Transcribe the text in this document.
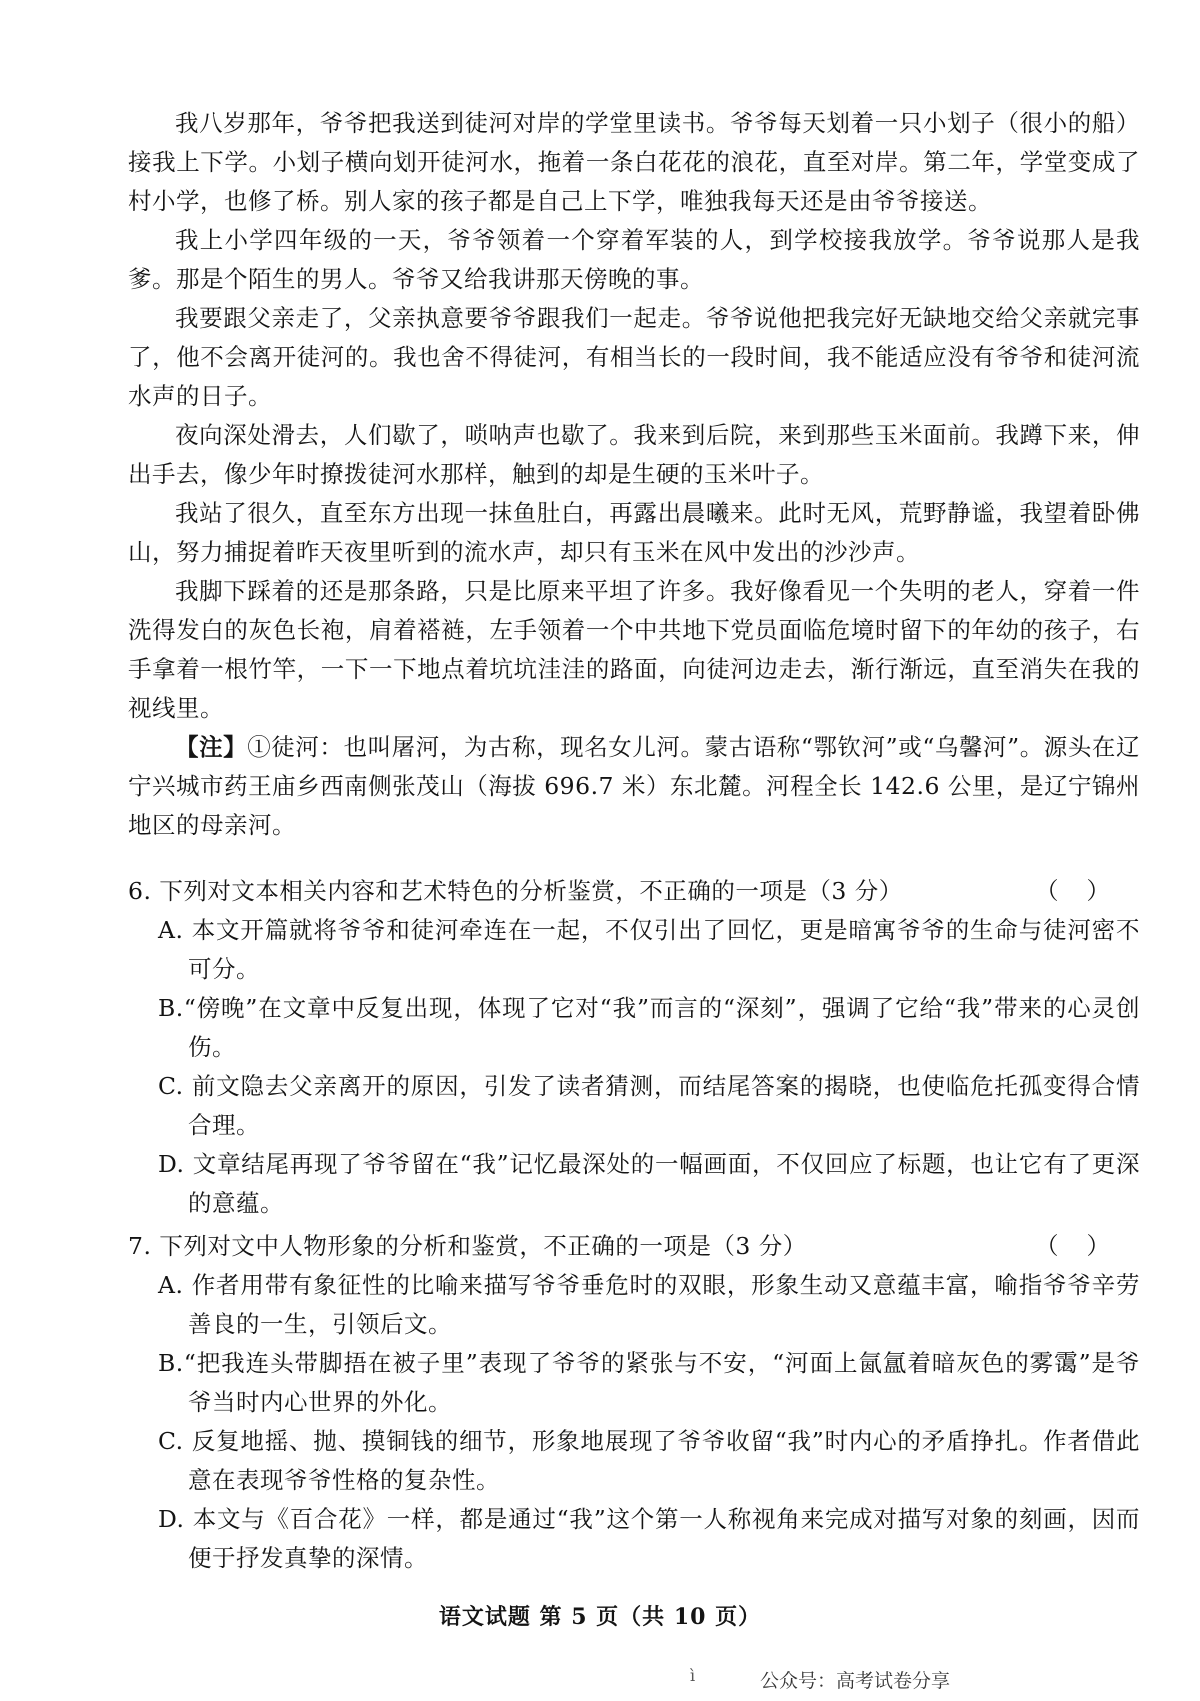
我八岁那年，爷爷把我送到徒河对岸的学堂里读书。爷爷每天划着一只小划子（很小的船）接我上下学。小划子横向划开徒河水，拖着一条白花花的浪花，直至对岸。第二年，学堂变成了村小学，也修了桥。别人家的孩子都是自己上下学，唯独我每天还是由爷爷接送。

我上小学四年级的一天，爷爷领着一个穿着军装的人，到学校接我放学。爷爷说那人是我爹。那是个陌生的男人。爷爷又给我讲那天傍晚的事。

我要跟父亲走了，父亲执意要爷爷跟我们一起走。爷爷说他把我完好无缺地交给父亲就完事了，他不会离开徒河的。我也舍不得徒河，有相当长的一段时间，我不能适应没有爷爷和徒河流水声的日子。

夜向深处滑去，人们歇了，唢呐声也歇了。我来到后院，来到那些玉米面前。我蹲下来，伸出手去，像少年时撩拨徒河水那样，触到的却是生硬的玉米叶子。

我站了很久，直至东方出现一抹鱼肚白，再露出晨曦来。此时无风，荒野静谧，我望着卧佛山，努力捕捉着昨天夜里听到的流水声，却只有玉米在风中发出的沙沙声。

我脚下踩着的还是那条路，只是比原来平坦了许多。我好像看见一个失明的老人，穿着一件洗得发白的灰色长袍，肩着褡裢，左手领着一个中共地下党员面临危境时留下的年幼的孩子，右手拿着一根竹竿，一下一下地点着坑坑洼洼的路面，向徒河边走去，渐行渐远，直至消失在我的视线里。

【注】①徒河：也叫屠河，为古称，现名女儿河。蒙古语称“鄂钦河”或“乌馨河”。源头在辽宁兴城市药王庙乡西南侧张茂山（海拔 696.7 米）东北麓。河程全长 142.6 公里，是辽宁锦州地区的母亲河。

6. 下列对文本相关内容和艺术特色的分析鉴赏，不正确的一项是（3 分）	（）

A. 本文开篇就将爷爷和徒河牵连在一起，不仅引出了回忆，更是暗寓爷爷的生命与徒河密不可分。

B.“傍晚”在文章中反复出现，体现了它对“我”而言的“深刻”，强调了它给“我”带来的心灵创伤。

C. 前文隐去父亲离开的原因，引发了读者猜测，而结尾答案的揭晓，也使临危托孤变得合情合理。

D. 文章结尾再现了爷爷留在“我”记忆最深处的一幅画面，不仅回应了标题，也让它有了更深的意蕴。

7. 下列对文中人物形象的分析和鉴赏，不正确的一项是（3 分）	（）

A. 作者用带有象征性的比喻来描写爷爷垂危时的双眼，形象生动又意蕴丰富，喻指爷爷辛劳善良的一生，引领后文。

B.“把我连头带脚捂在被子里”表现了爷爷的紧张与不安，“河面上氤氲着暗灰色的雾霭”是爷爷当时内心世界的外化。

C. 反复地摇、抛、摸铜钱的细节，形象地展现了爷爷收留“我”时内心的矛盾挣扎。作者借此意在表现爷爷性格的复杂性。

D. 本文与《百合花》一样，都是通过“我”这个第一人称视角来完成对描写对象的刻画，因而便于抒发真挚的深情。

语文试题 第 5 页（共 10 页）
ì	公众号：高考试卷分享
